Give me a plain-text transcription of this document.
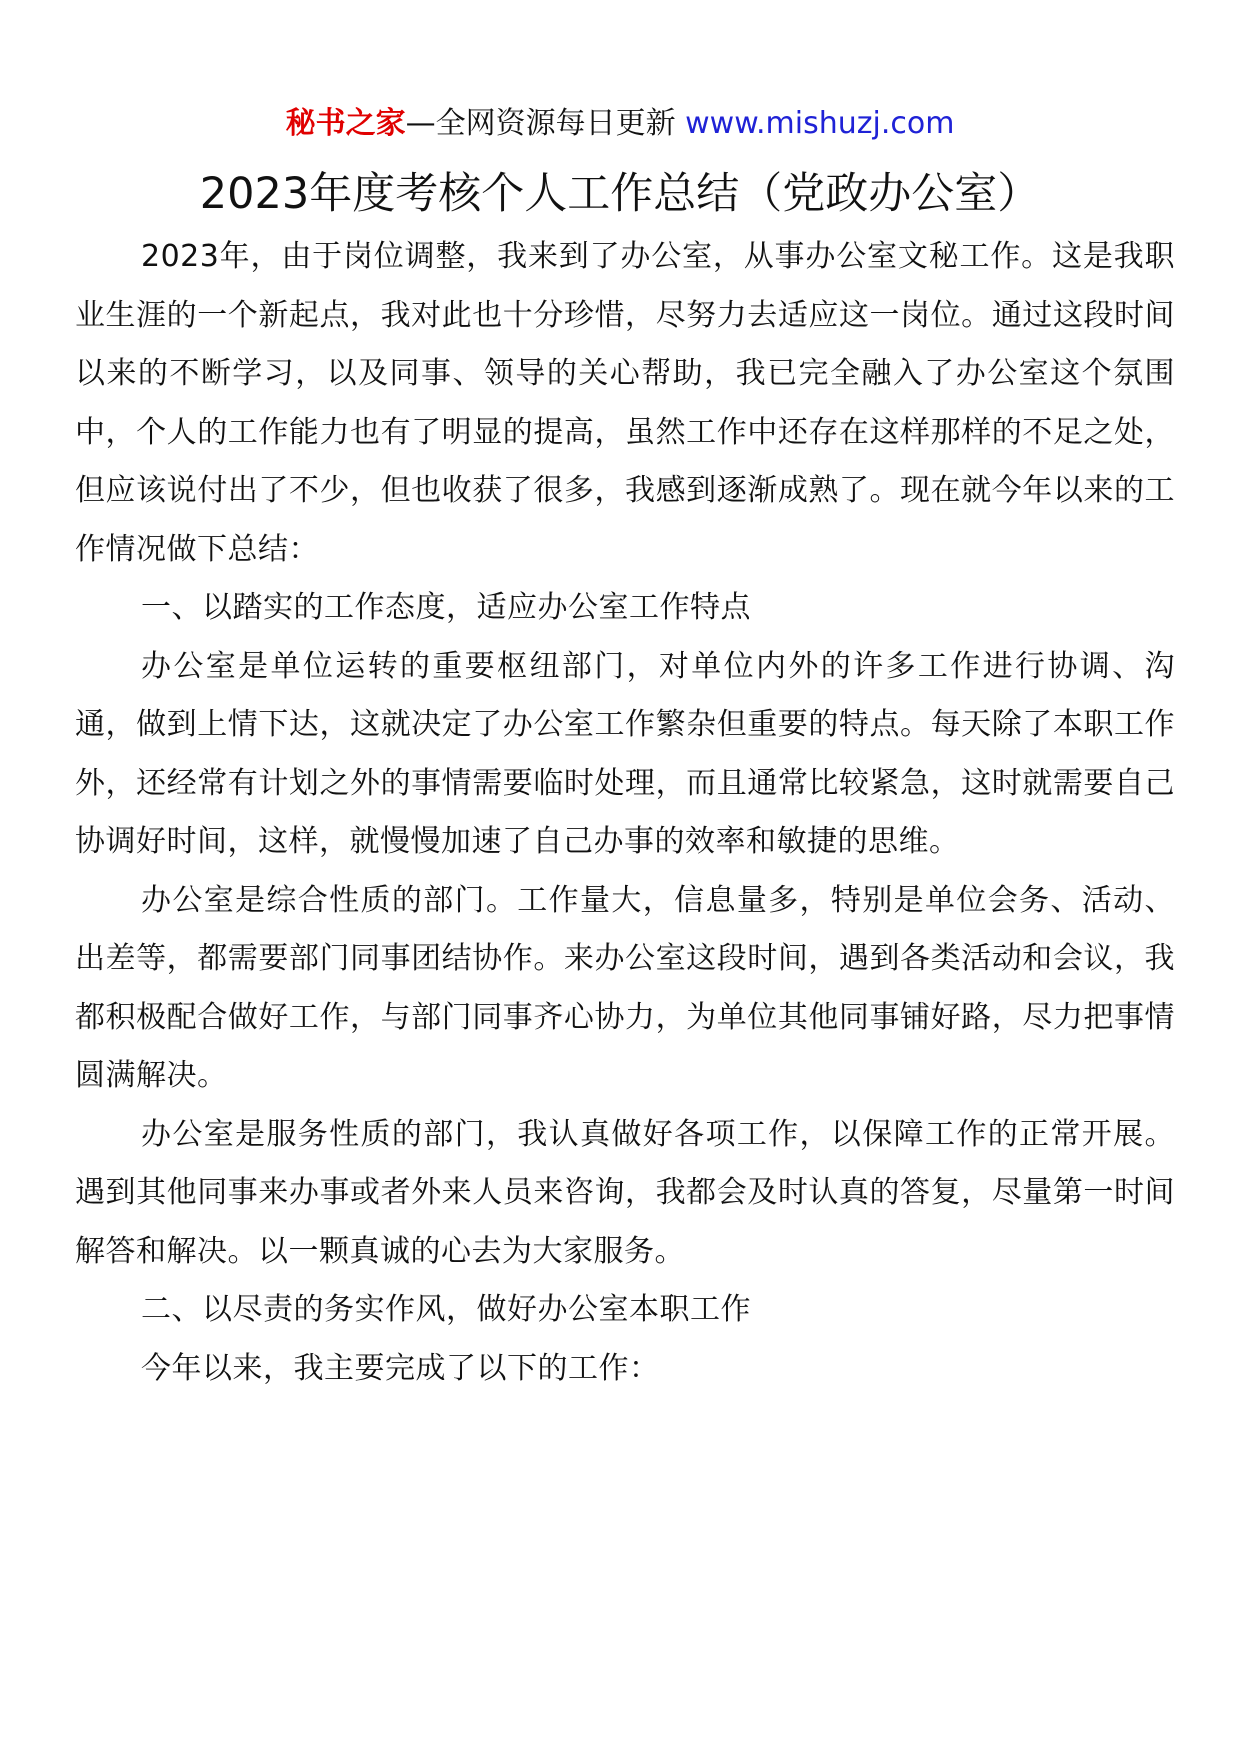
秘书之家—全网资源每日更新 www.mishuzj.com
2023年度考核个人工作总结（党政办公室）

2023年，由于岗位调整，我来到了办公室，从事办公室文秘工作。这是我职业生涯的一个新起点，我对此也十分珍惜，尽努力去适应这一岗位。通过这段时间以来的不断学习，以及同事、领导的关心帮助，我已完全融入了办公室这个氛围中，个人的工作能力也有了明显的提高，虽然工作中还存在这样那样的不足之处，但应该说付出了不少，但也收获了很多，我感到逐渐成熟了。现在就今年以来的工作情况做下总结：

一、以踏实的工作态度，适应办公室工作特点

办公室是单位运转的重要枢纽部门，对单位内外的许多工作进行协调、沟通，做到上情下达，这就决定了办公室工作繁杂但重要的特点。每天除了本职工作外，还经常有计划之外的事情需要临时处理，而且通常比较紧急，这时就需要自己协调好时间，这样，就慢慢加速了自己办事的效率和敏捷的思维。

办公室是综合性质的部门。工作量大，信息量多，特别是单位会务、活动、出差等，都需要部门同事团结协作。来办公室这段时间，遇到各类活动和会议，我都积极配合做好工作，与部门同事齐心协力，为单位其他同事铺好路，尽力把事情圆满解决。

办公室是服务性质的部门，我认真做好各项工作，以保障工作的正常开展。遇到其他同事来办事或者外来人员来咨询，我都会及时认真的答复，尽量第一时间解答和解决。以一颗真诚的心去为大家服务。

二、以尽责的务实作风，做好办公室本职工作

今年以来，我主要完成了以下的工作：
